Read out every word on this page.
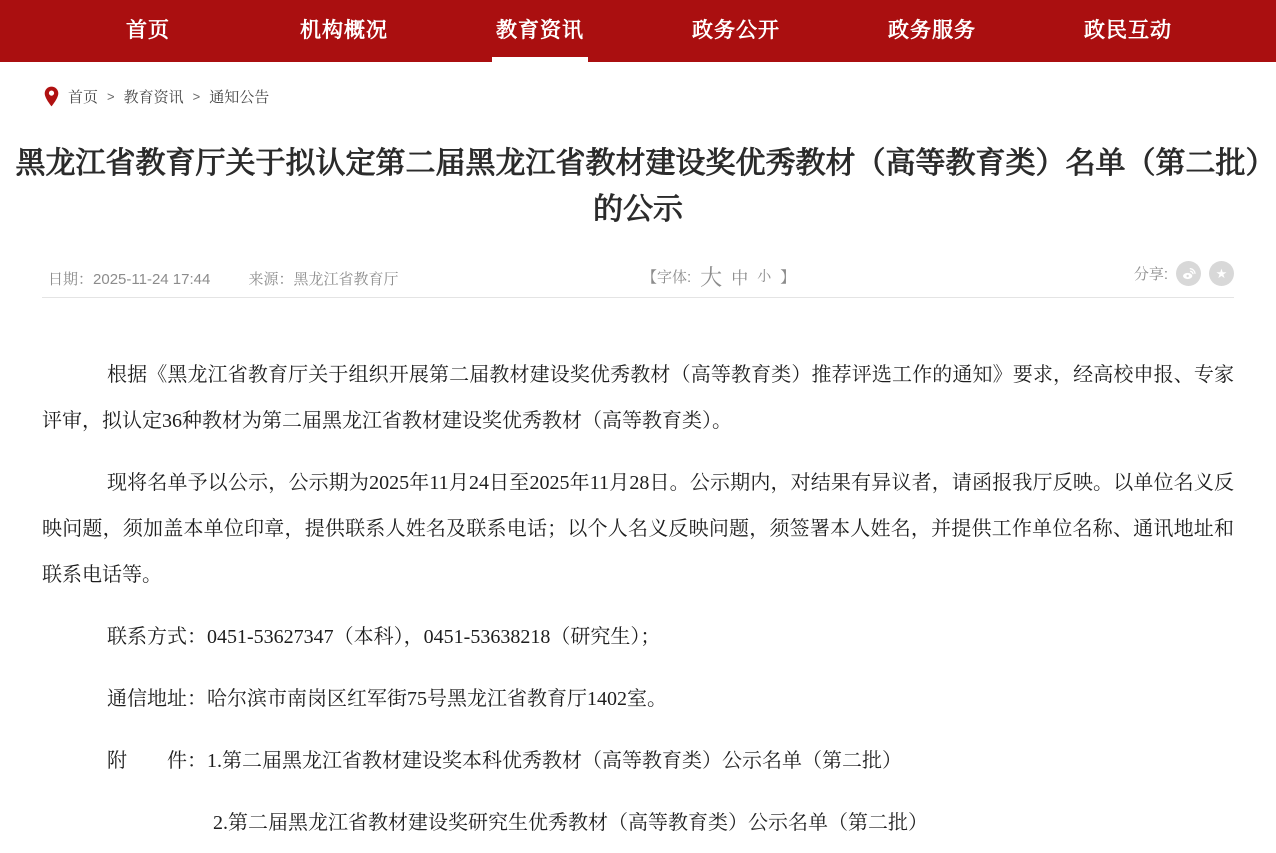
首页	机构概况	教育资讯	政务公开	政务服务	政民互动
首页 > 教育资讯 > 通知公告
黑龙江省教育厅关于拟认定第二届黑龙江省教材建设奖优秀教材（高等教育类）名单（第二批）的公示
日期：2025-11-24 17:44	来源：黑龙江省教育厅	【字体: 大 中 小 】	分享:	★

根据《黑龙江省教育厅关于组织开展第二届教材建设奖优秀教材（高等教育类）推荐评选工作的通知》要求，经高校申报、专家评审，拟认定36种教材为第二届黑龙江省教材建设奖优秀教材（高等教育类）。

现将名单予以公示，公示期为2025年11月24日至2025年11月28日。公示期内，对结果有异议者，请函报我厅反映。以单位名义反映问题，须加盖本单位印章，提供联系人姓名及联系电话；以个人名义反映问题，须签署本人姓名，并提供工作单位名称、通讯地址和联系电话等。

联系方式：0451-53627347（本科），0451-53638218（研究生）；

通信地址：哈尔滨市南岗区红军街75号黑龙江省教育厅1402室。

附　　件：1.第二届黑龙江省教材建设奖本科优秀教材（高等教育类）公示名单（第二批）

2.第二届黑龙江省教材建设奖研究生优秀教材（高等教育类）公示名单（第二批）
